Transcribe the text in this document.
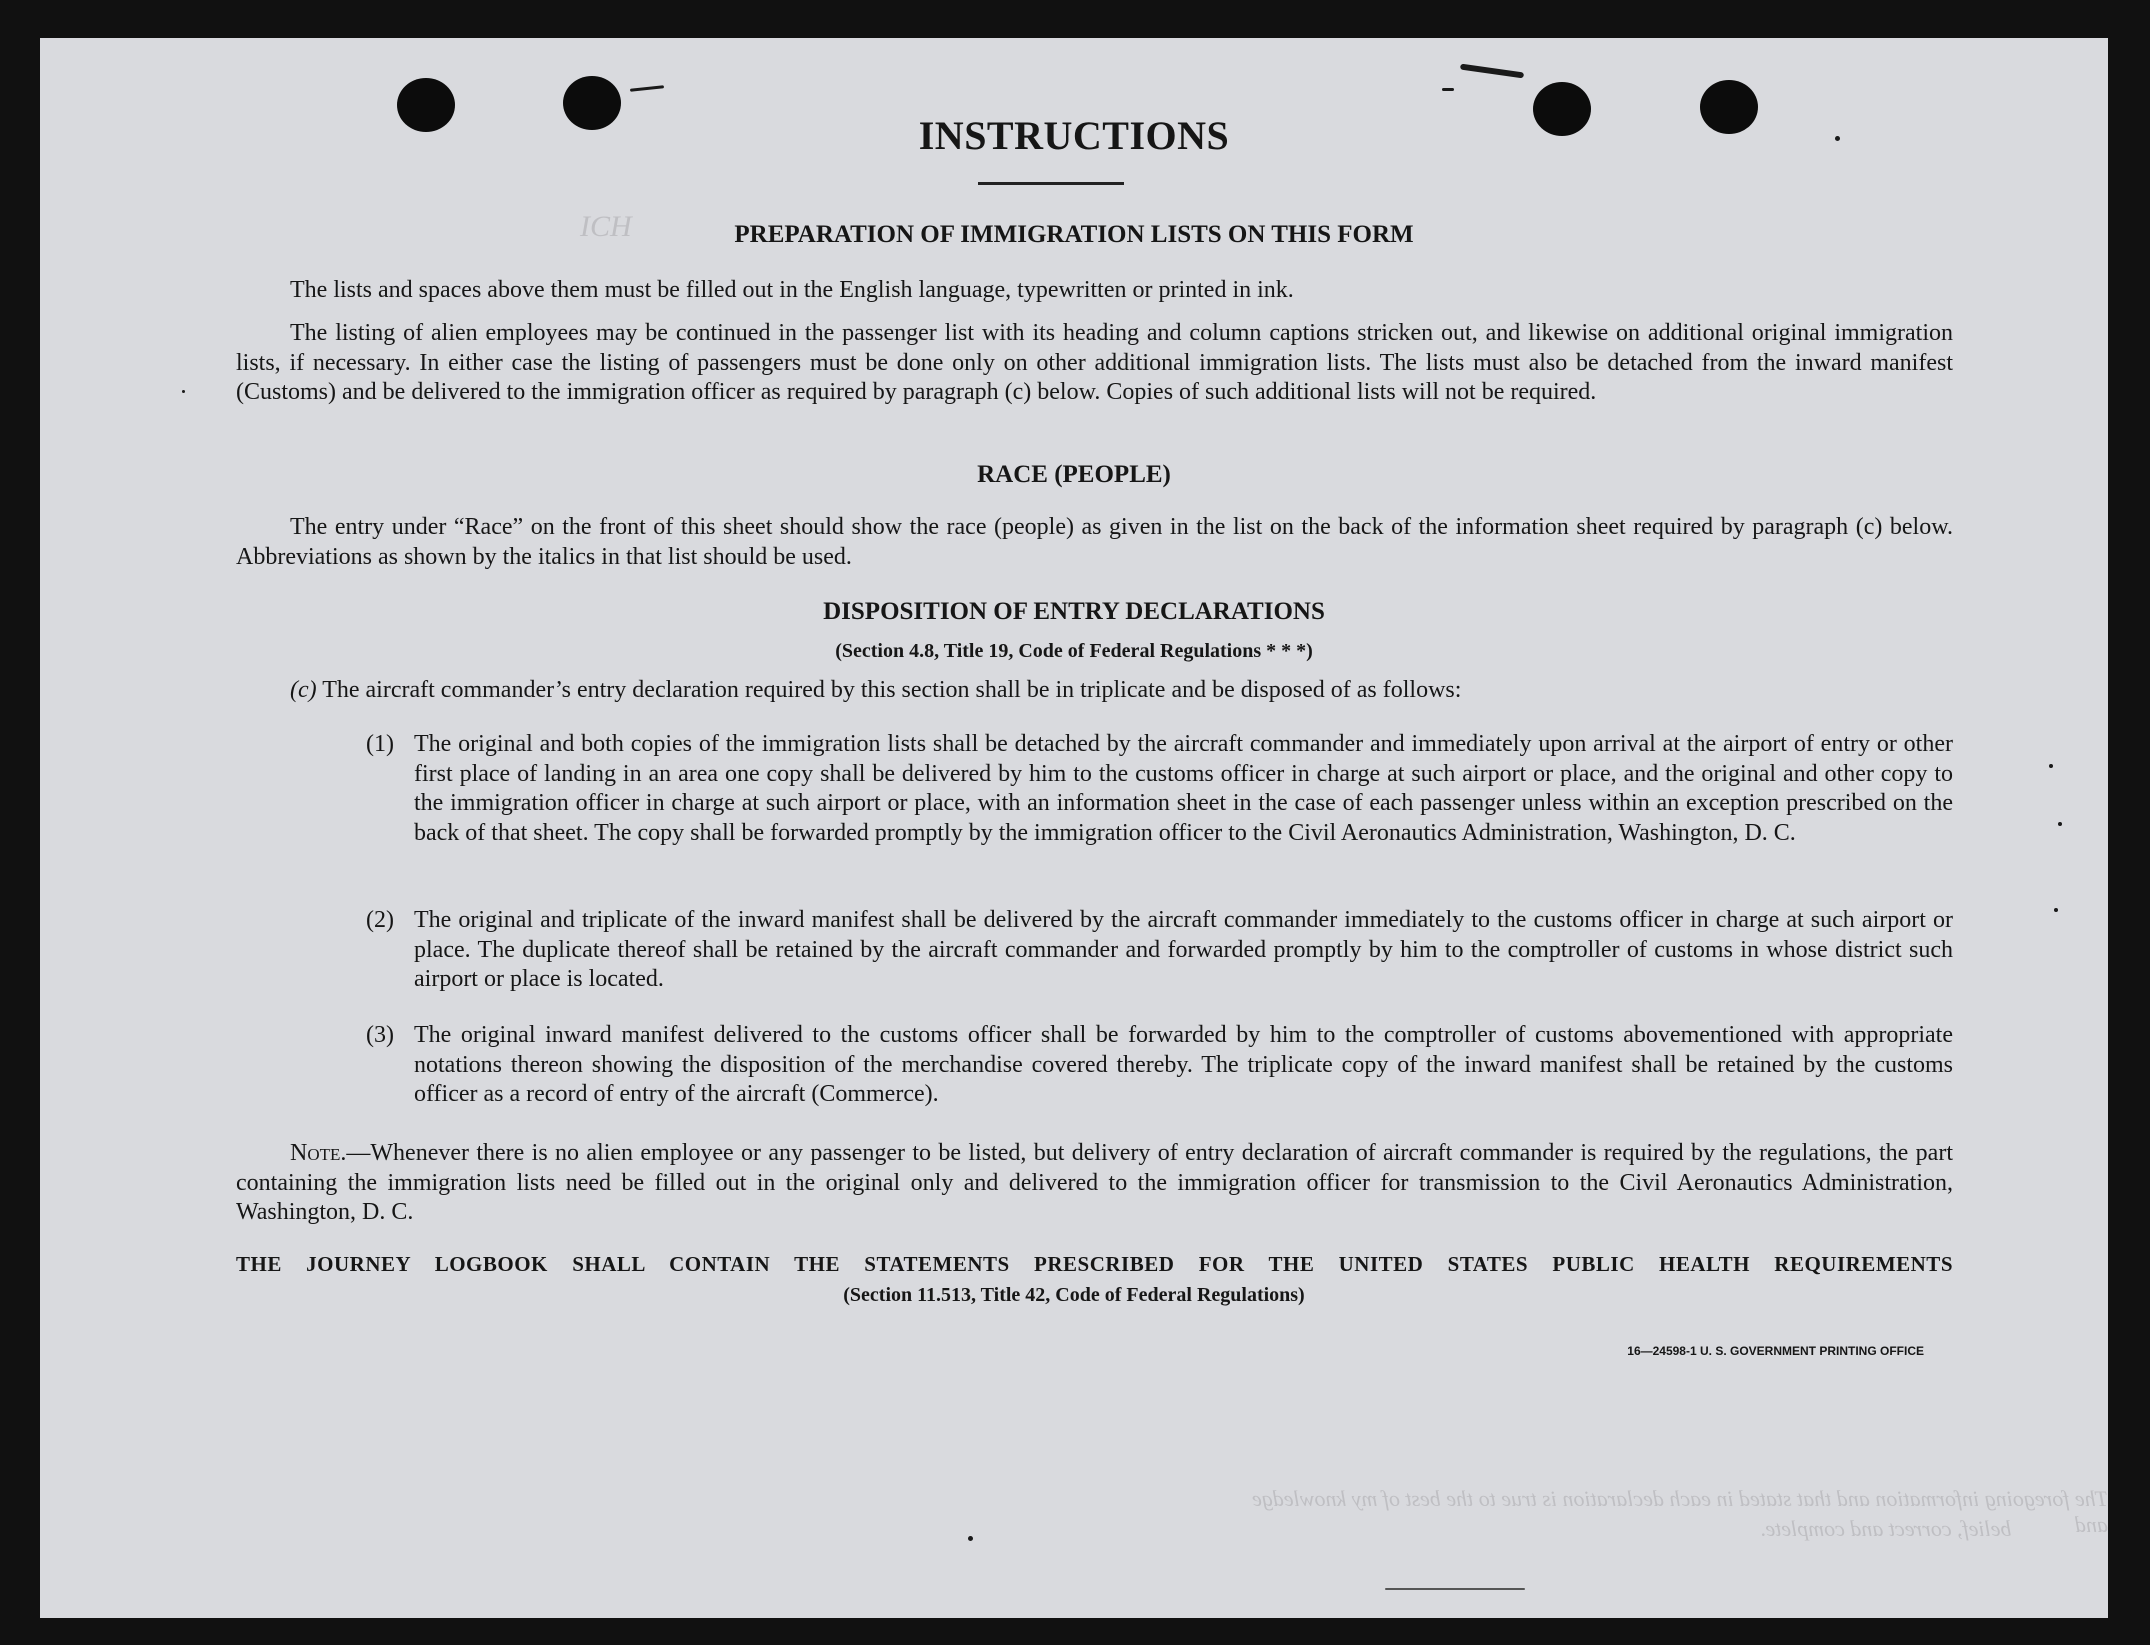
ICH
The foregoing information and that stated in each declaration is true to the best of my knowledge and
belief, correct and complete.
INSTRUCTIONS
PREPARATION OF IMMIGRATION LISTS ON THIS FORM

The lists and spaces above them must be filled out in the English language, typewritten or printed in ink.

The listing of alien employees may be continued in the passenger list with its heading and column captions stricken out, and likewise on additional original immigration lists, if necessary. In either case the listing of passengers must be done only on other additional immigration lists. The lists must also be detached from the inward manifest (Customs) and be delivered to the immigration officer as required by paragraph (c) below. Copies of such additional lists will not be required.

RACE (PEOPLE)

The entry under “Race” on the front of this sheet should show the race (people) as given in the list on the back of the information sheet required by paragraph (c) below. Abbreviations as shown by the italics in that list should be used.

DISPOSITION OF ENTRY DECLARATIONS
(Section 4.8, Title 19, Code of Federal Regulations * * *)

(c) The aircraft commander’s entry declaration required by this section shall be in triplicate and be disposed of as follows:

(1) The original and both copies of the immigration lists shall be detached by the aircraft commander and immediately upon arrival at the airport of entry or other first place of landing in an area one copy shall be delivered by him to the customs officer in charge at such airport or place, and the original and other copy to the immigration officer in charge at such airport or place, with an information sheet in the case of each passenger unless within an exception prescribed on the back of that sheet. The copy shall be forwarded promptly by the immigration officer to the Civil Aeronautics Administration, Washington, D. C.
(2) The original and triplicate of the inward manifest shall be delivered by the aircraft commander immediately to the customs officer in charge at such airport or place. The duplicate thereof shall be retained by the aircraft commander and forwarded promptly by him to the comptroller of customs in whose district such airport or place is located.
(3) The original inward manifest delivered to the customs officer shall be forwarded by him to the comptroller of customs abovementioned with appropriate notations thereon showing the disposition of the merchandise covered thereby. The triplicate copy of the inward manifest shall be retained by the customs officer as a record of entry of the aircraft (Commerce).

Note.—Whenever there is no alien employee or any passenger to be listed, but delivery of entry declaration of aircraft commander is required by the regulations, the part containing the immigration lists need be filled out in the original only and delivered to the immigration officer for transmission to the Civil Aeronautics Administration, Washington, D. C.

THE JOURNEY LOGBOOK SHALL CONTAIN THE STATEMENTS PRESCRIBED FOR THE UNITED STATES PUBLIC HEALTH REQUIREMENTS
(Section 11.513, Title 42, Code of Federal Regulations)
16—24598-1 U. S. GOVERNMENT PRINTING OFFICE
